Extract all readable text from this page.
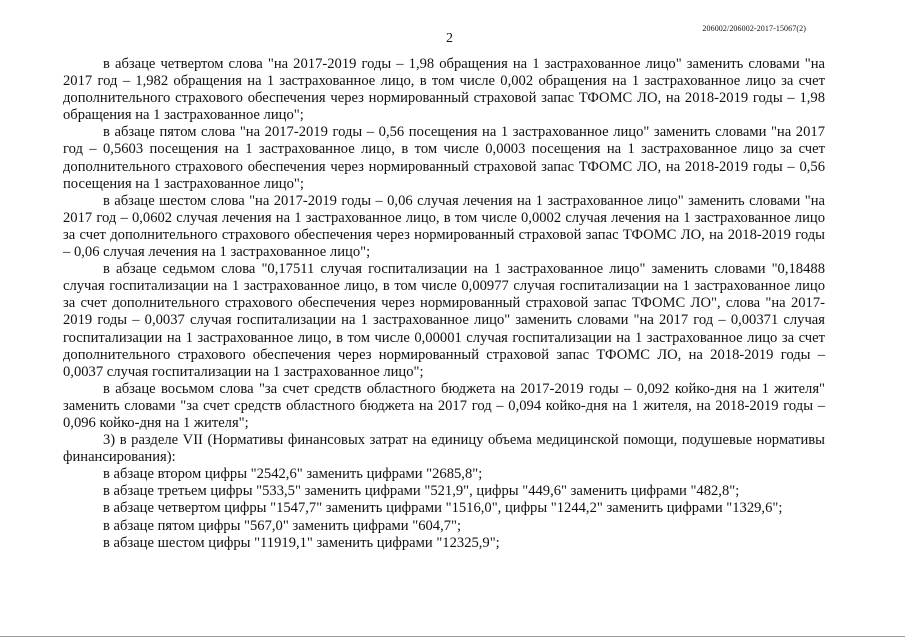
206002/206002-2017-15067(2)
2

в абзаце четвертом слова "на 2017-2019 годы – 1,98 обращения на 1 застрахованное лицо" заменить словами "на 2017 год – 1,982 обращения на 1 застрахованное лицо, в том числе 0,002 обращения на 1 застрахованное лицо за счет дополнительного страхового обеспечения через нормированный страховой запас ТФОМС ЛО, на 2018-2019 годы – 1,98 обращения на 1 застрахованное лицо";

в абзаце пятом слова "на 2017-2019 годы – 0,56 посещения на 1 застрахованное лицо" заменить словами "на 2017 год – 0,5603 посещения на 1 застрахованное лицо, в том числе 0,0003 посещения на 1 застрахованное лицо за счет дополнительного страхового обеспечения через нормированный страховой запас ТФОМС ЛО, на 2018-2019 годы – 0,56 посещения на 1 застрахованное лицо";

в абзаце шестом слова "на 2017-2019 годы – 0,06 случая лечения на 1 застрахованное лицо" заменить словами "на 2017 год – 0,0602 случая лечения на 1 застрахованное лицо, в том числе 0,0002 случая лечения на 1 застрахованное лицо за счет дополнительного страхового обеспечения через нормированный страховой запас ТФОМС ЛО, на 2018-2019 годы – 0,06 случая лечения на 1 застрахованное лицо";

в абзаце седьмом слова "0,17511 случая госпитализации на 1 застрахованное лицо" заменить словами "0,18488 случая госпитализации на 1 застрахованное лицо, в том числе 0,00977 случая госпитализации на 1 застрахованное лицо за счет дополнительного страхового обеспечения через нормированный страховой запас ТФОМС ЛО", слова "на 2017-2019 годы – 0,0037 случая госпитализации на 1 застрахованное лицо" заменить словами "на 2017 год – 0,00371 случая госпитализации на 1 застрахованное лицо, в том числе 0,00001 случая госпитализации на 1 застрахованное лицо за счет дополнительного страхового обеспечения через нормированный страховой запас ТФОМС ЛО, на 2018-2019 годы – 0,0037 случая госпитализации на 1 застрахованное лицо";

в абзаце восьмом слова "за счет средств областного бюджета на 2017-2019 годы – 0,092 койко-дня на 1 жителя" заменить словами "за счет средств областного бюджета на 2017 год – 0,094 койко-дня на 1 жителя, на 2018-2019 годы – 0,096 койко-дня на 1 жителя";

3) в разделе VII (Нормативы финансовых затрат на единицу объема медицинской помощи, подушевые нормативы финансирования):

в абзаце втором цифры "2542,6" заменить цифрами "2685,8";

в абзаце третьем цифры "533,5" заменить цифрами "521,9", цифры "449,6" заменить цифрами "482,8";

в абзаце четвертом цифры "1547,7" заменить цифрами "1516,0", цифры "1244,2" заменить цифрами "1329,6";

в абзаце пятом цифры "567,0" заменить цифрами "604,7";

в абзаце шестом цифры "11919,1" заменить цифрами "12325,9";
